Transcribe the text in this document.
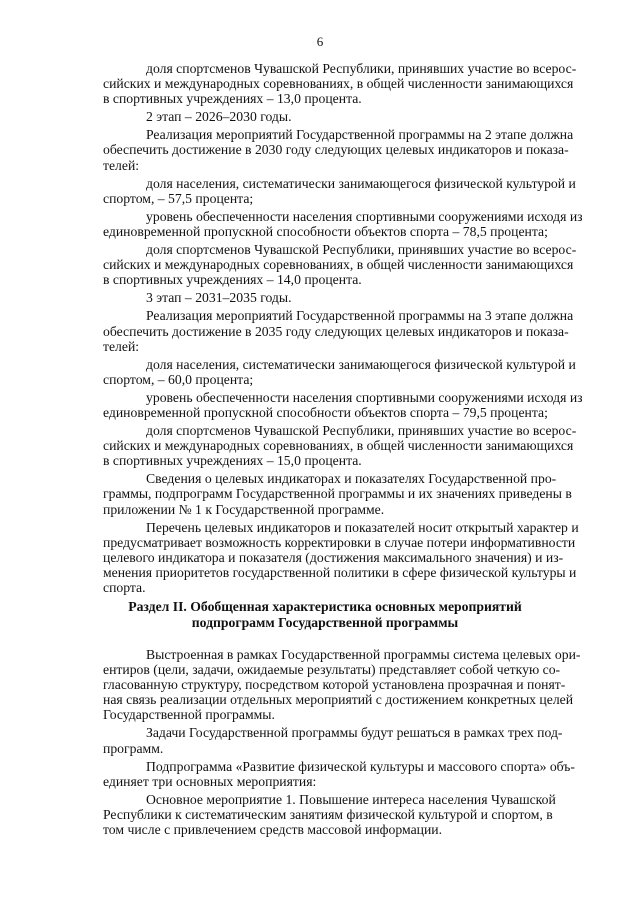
6
доля спортсменов Чувашской Республики, принявших участие во всерос-
сийских и международных соревнованиях, в общей численности занимающихся
в спортивных учреждениях – 13,0 процента.
2 этап – 2026–2030 годы.
Реализация мероприятий Государственной программы на 2 этапе должна
обеспечить достижение в 2030 году следующих целевых индикаторов и показа-
телей:
доля населения, систематически занимающегося физической культурой и
спортом, – 57,5 процента;
уровень обеспеченности населения спортивными сооружениями исходя из
единовременной пропускной способности объектов спорта – 78,5 процента;
доля спортсменов Чувашской Республики, принявших участие во всерос-
сийских и международных соревнованиях, в общей численности занимающихся
в спортивных учреждениях – 14,0 процента.
3 этап – 2031–2035 годы.
Реализация мероприятий Государственной программы на 3 этапе должна
обеспечить достижение в 2035 году следующих целевых индикаторов и показа-
телей:
доля населения, систематически занимающегося физической культурой и
спортом, – 60,0 процента;
уровень обеспеченности населения спортивными сооружениями исходя из
единовременной пропускной способности объектов спорта – 79,5 процента;
доля спортсменов Чувашской Республики, принявших участие во всерос-
сийских и международных соревнованиях, в общей численности занимающихся
в спортивных учреждениях – 15,0 процента.
Сведения о целевых индикаторах и показателях Государственной про-
граммы, подпрограмм Государственной программы и их значениях приведены в
приложении № 1 к Государственной программе.
Перечень целевых индикаторов и показателей носит открытый характер и
предусматривает возможность корректировки в случае потери информативности
целевого индикатора и показателя (достижения максимального значения) и из-
менения приоритетов государственной политики в сфере физической культуры и
спорта.
Раздел II. Обобщенная характеристика основных мероприятий
подпрограмм Государственной программы
Выстроенная в рамках Государственной программы система целевых ори-
ентиров (цели, задачи, ожидаемые результаты) представляет собой четкую со-
гласованную структуру, посредством которой установлена прозрачная и понят-
ная связь реализации отдельных мероприятий с достижением конкретных целей
Государственной программы.
Задачи Государственной программы будут решаться в рамках трех под-
программ.
Подпрограмма «Развитие физической культуры и массового спорта» объ-
единяет три основных мероприятия:
Основное мероприятие 1. Повышение интереса населения Чувашской
Республики к систематическим занятиям физической культурой и спортом, в
том числе с привлечением средств массовой информации.
